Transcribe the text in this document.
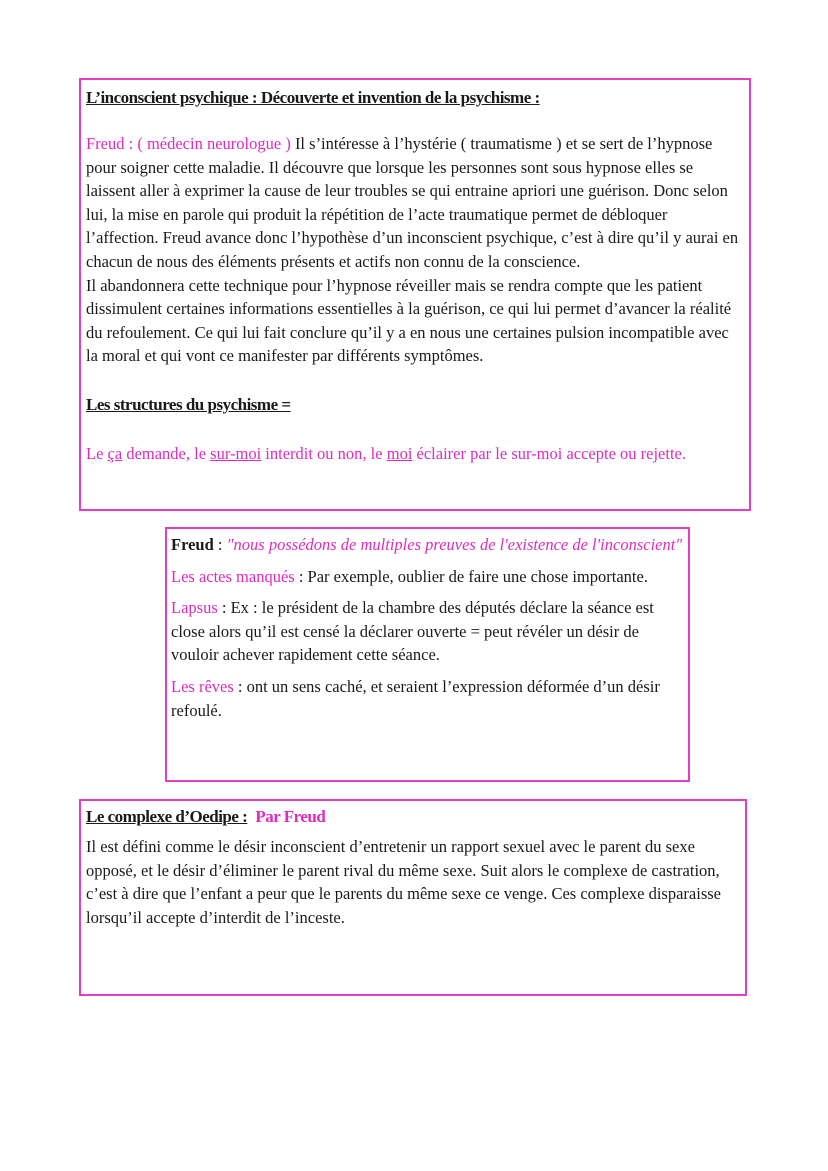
L’inconscient psychique : Découverte et invention de la psychisme :

Freud : ( médecin neurologue ) Il s’intéresse à l’hystérie ( traumatisme ) et se sert de l’hypnose pour soigner cette maladie. Il découvre que lorsque les personnes sont sous hypnose elles se laissent aller à exprimer la cause de leur troubles se qui entraine apriori une guérison. Donc selon lui, la mise en parole qui produit la répétition de l’acte traumatique permet de débloquer l’affection. Freud avance donc l’hypothèse d’un inconscient psychique, c’est à dire qu’il y aurai en chacun de nous des éléments présents et actifs non connu de la conscience.

Il abandonnera cette technique pour l’hypnose réveiller mais se rendra compte que les patient dissimulent certaines informations essentielles à la guérison, ce qui lui permet d’avancer la réalité du refoulement. Ce qui lui fait conclure qu’il y a en nous une certaines pulsion incompatible avec la moral et qui vont ce manifester par différents symptômes.

Les structures du psychisme =

Le ça demande, le sur-moi interdit ou non, le moi éclairer par le sur-moi accepte ou rejette.

Freud : "nous possédons de multiples preuves de l'existence de l'inconscient"

Les actes manqués : Par exemple, oublier de faire une chose importante.

Lapsus : Ex : le président de la chambre des députés déclare la séance est close alors qu’il est censé la déclarer ouverte = peut révéler un désir de vouloir achever rapidement cette séance.

Les rêves : ont un sens caché, et seraient l’expression déformée d’un désir refoulé.

Le complexe d’Oedipe : Par Freud

Il est défini comme le désir inconscient d’entretenir un rapport sexuel avec le parent du sexe opposé, et le désir d’éliminer le parent rival du même sexe. Suit alors le complexe de castration, c’est à dire que l’enfant a peur que le parents du même sexe ce venge. Ces complexe disparaisse lorsqu’il accepte d’interdit de l’inceste.
